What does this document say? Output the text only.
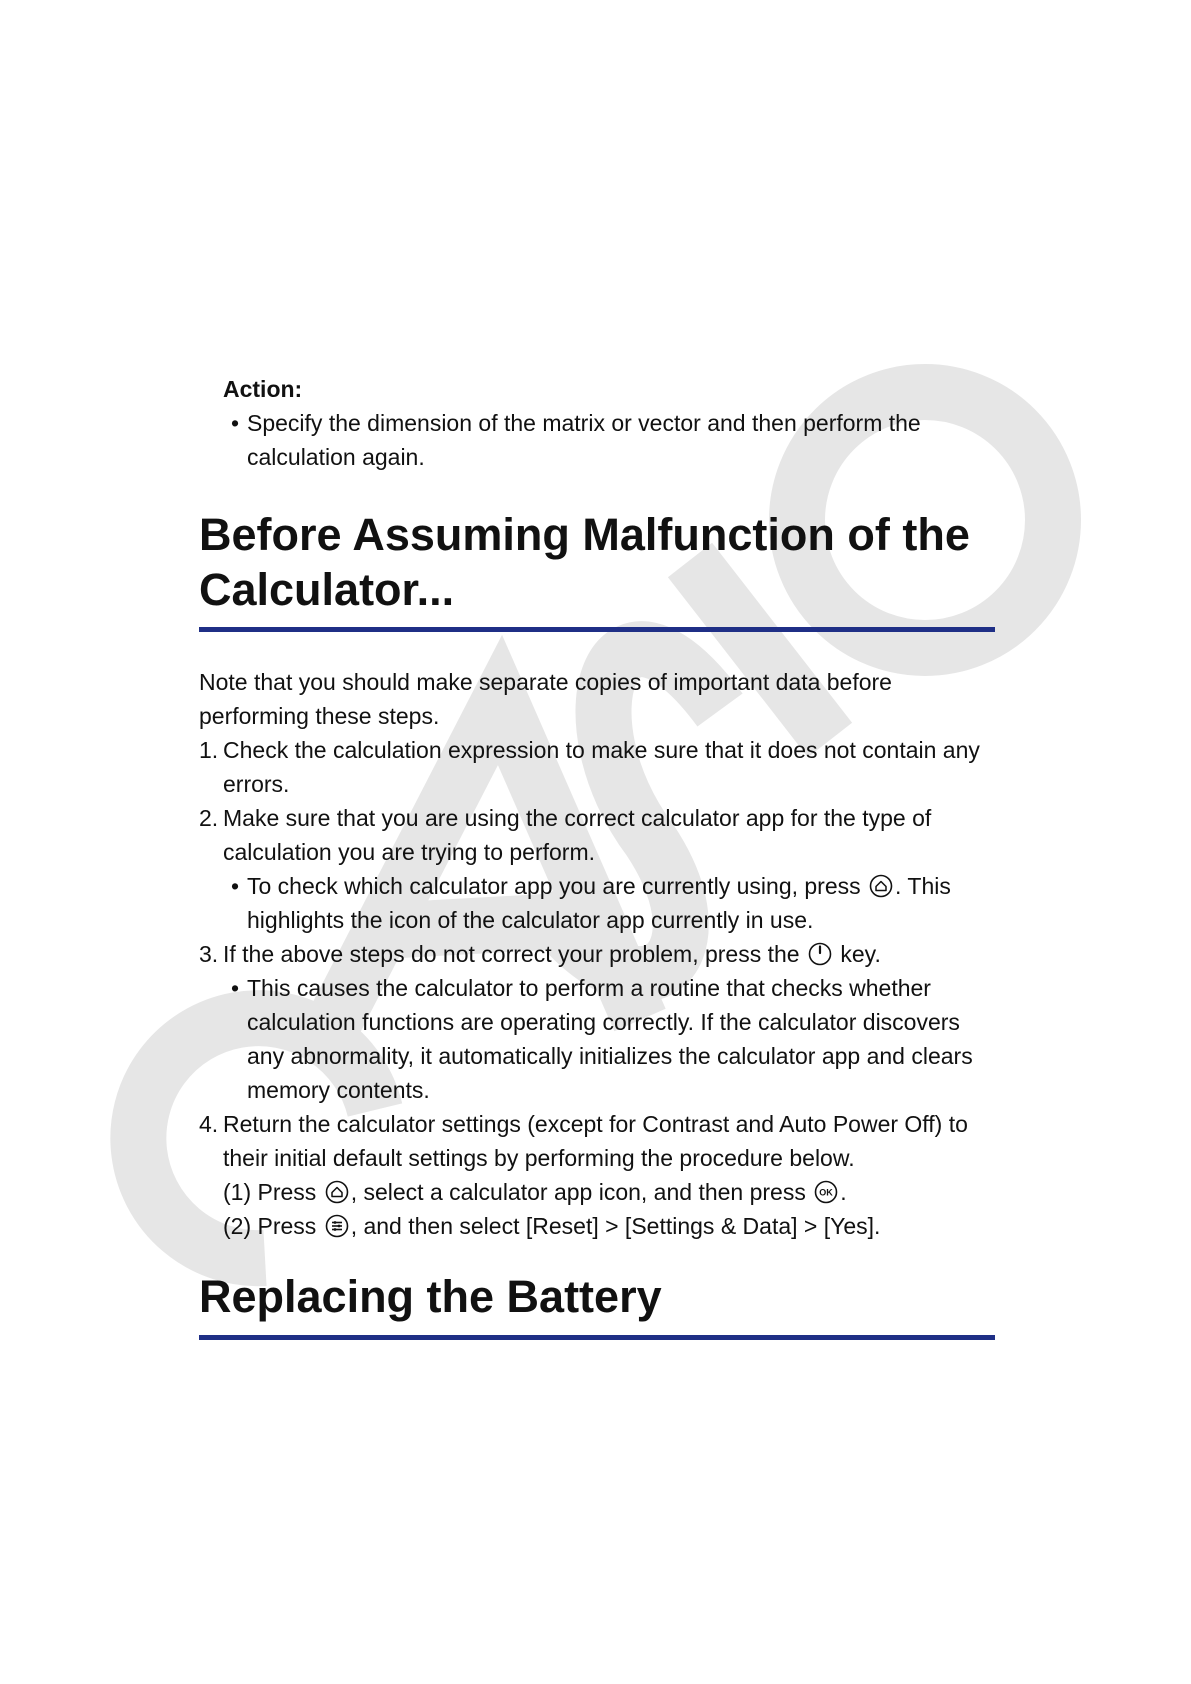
Action:
• Specify the dimension of the matrix or vector and then perform the calculation again.
Before Assuming Malfunction of the Calculator...
Note that you should make separate copies of important data before performing these steps.
1. Check the calculation expression to make sure that it does not contain any errors.
2. Make sure that you are using the correct calculator app for the type of calculation you are trying to perform.
• To check which calculator app you are currently using, press . This highlights the icon of the calculator app currently in use.
3. If the above steps do not correct your problem, press the key.
• This causes the calculator to perform a routine that checks whether calculation functions are operating correctly. If the calculator discovers any abnormality, it automatically initializes the calculator app and clears memory contents.
4. Return the calculator settings (except for Contrast and Auto Power Off) to their initial default settings by performing the procedure below.
(1) Press , select a calculator app icon, and then press OK .
(2) Press , and then select [Reset] > [Settings & Data] > [Yes].
Replacing the Battery
